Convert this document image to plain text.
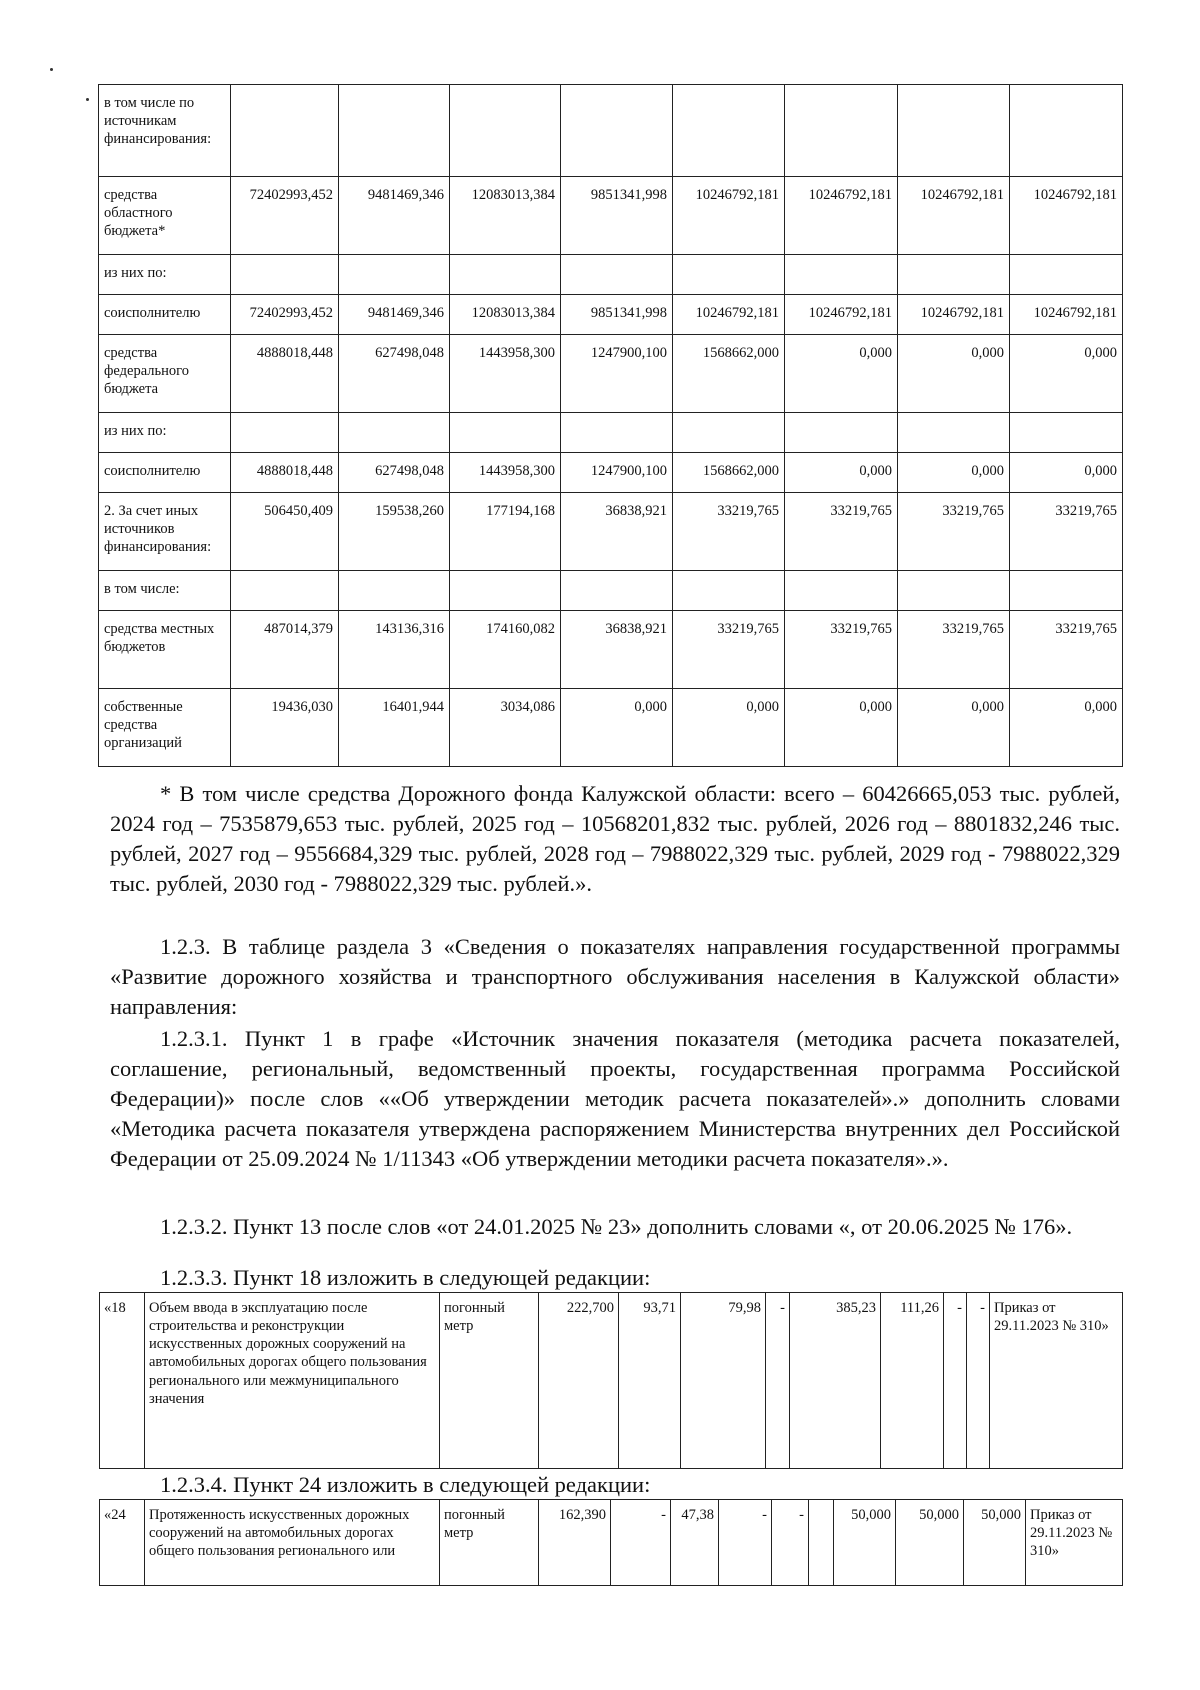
в том числе по источникам финансирования:								
средства областного бюджета*	72402993,452	9481469,346	12083013,384	9851341,998	10246792,181	10246792,181	10246792,181	10246792,181
из них по:								
соисполнителю	72402993,452	9481469,346	12083013,384	9851341,998	10246792,181	10246792,181	10246792,181	10246792,181
средства федерального бюджета	4888018,448	627498,048	1443958,300	1247900,100	1568662,000	0,000	0,000	0,000
из них по:								
соисполнителю	4888018,448	627498,048	1443958,300	1247900,100	1568662,000	0,000	0,000	0,000
2. За счет иных источников финансирования:	506450,409	159538,260	177194,168	36838,921	33219,765	33219,765	33219,765	33219,765
в том числе:								
средства местных бюджетов	487014,379	143136,316	174160,082	36838,921	33219,765	33219,765	33219,765	33219,765
собственные средства организаций	19436,030	16401,944	3034,086	0,000	0,000	0,000	0,000	0,000
* В том числе средства Дорожного фонда Калужской области: всего – 60426665,053 тыс. рублей, 2024 год – 7535879,653 тыс. рублей, 2025 год – 10568201,832 тыс. рублей, 2026 год – 8801832,246 тыс. рублей, 2027 год – 9556684,329 тыс. рублей, 2028 год – 7988022,329 тыс. рублей, 2029 год - 7988022,329 тыс. рублей, 2030 год - 7988022,329 тыс. рублей.».
1.2.3. В таблице раздела 3 «Сведения о показателях направления государственной программы «Развитие дорожного хозяйства и транспортного обслуживания населения в Калужской области» направления:
1.2.3.1. Пункт 1 в графе «Источник значения показателя (методика расчета показателей, соглашение, региональный, ведомственный проекты, государственная программа Российской Федерации)» после слов ««Об утверждении методик расчета показателей».» дополнить словами «Методика расчета показателя утверждена распоряжением Министерства внутренних дел Российской Федерации от 25.09.2024 № 1/11343 «Об утверждении методики расчета показателя».».
1.2.3.2. Пункт 13 после слов «от 24.01.2025 № 23» дополнить словами «, от 20.06.2025 № 176».
1.2.3.3. Пункт 18 изложить в следующей редакции:
«18	Объем ввода в эксплуатацию после строительства и реконструкции искусственных дорожных сооружений на автомобильных дорогах общего пользования регионального или межмуниципального значения	погонный метр	222,700	93,71	79,98	-	385,23	111,26	-	-	Приказ от 29.11.2023 № 310»
1.2.3.4. Пункт 24 изложить в следующей редакции:
«24	Протяженность искусственных дорожных сооружений на автомобильных дорогах общего пользования регионального или	погонный метр	162,390	-	47,38	-	-		50,000	50,000	50,000	Приказ от 29.11.2023 № 310»
